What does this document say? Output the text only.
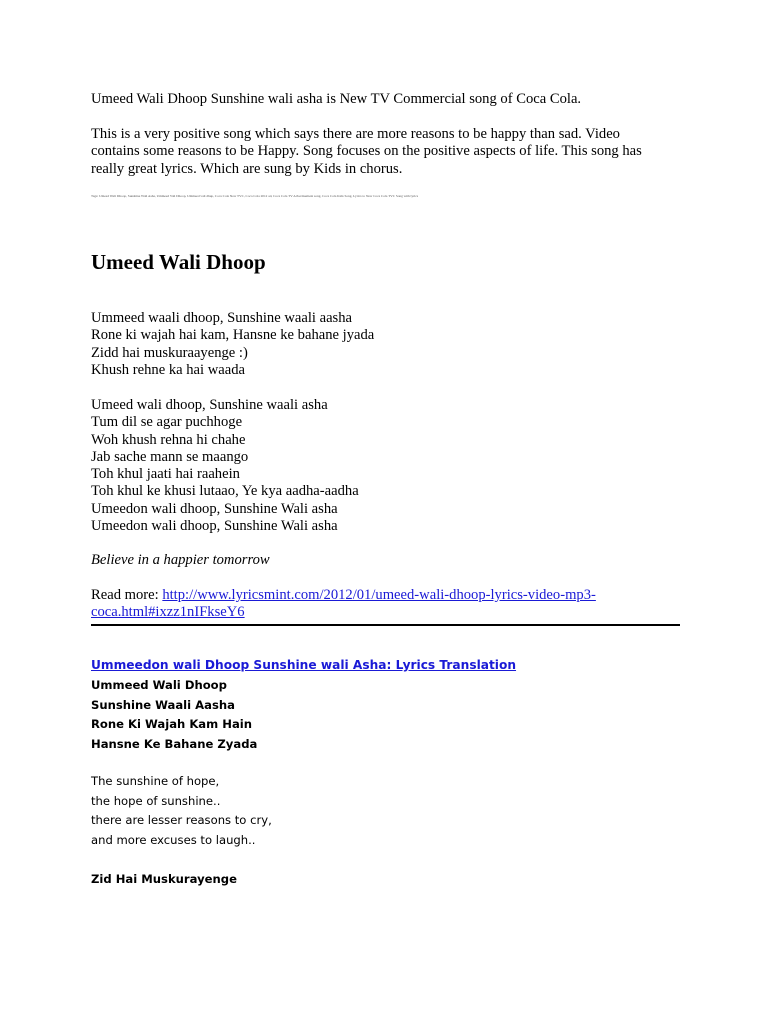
Umeed Wali Dhoop Sunshine wali asha is New TV Commercial song of Coca Cola.
This is a very positive song which says there are more reasons to be happy than sad. Video
contains some reasons to be Happy. Song focuses on the positive aspects of life. This song has
really great lyrics. Which are sung by Kids in chorus.
Tags: Umeed Wali Dhoop, Sunshine Wali Asha, Ummeed Vali Dhoop, Ummeed vali dhup, Coca Cola New TVC, Coca Cola 2012 ad, Coca Cola TV Advertisement song, Coca Cola Kids Song, Lyrics to New Coca Cola TVC Song with lyrics
Umeed Wali Dhoop
Ummeed waali dhoop, Sunshine waali aasha
Rone ki wajah hai kam, Hansne ke bahane jyada
Zidd hai muskuraayenge :)
Khush rehne ka hai waada
Umeed wali dhoop, Sunshine waali asha
Tum dil se agar puchhoge
Woh khush rehna hi chahe
Jab sache mann se maango
Toh khul jaati hai raahein
Toh khul ke khusi lutaao, Ye kya aadha-aadha
Umeedon wali dhoop, Sunshine Wali asha
Umeedon wali dhoop, Sunshine Wali asha
Believe in a happier tomorrow
Read more: http://www.lyricsmint.com/2012/01/umeed-wali-dhoop-lyrics-video-mp3-
coca.html#ixzz1nIFkseY6
Ummeedon wali Dhoop Sunshine wali Asha: Lyrics Translation
Ummeed Wali Dhoop
Sunshine Waali Aasha
Rone Ki Wajah Kam Hain
Hansne Ke Bahane Zyada
The sunshine of hope,
the hope of sunshine..
there are lesser reasons to cry,
and more excuses to laugh..
Zid Hai Muskurayenge
